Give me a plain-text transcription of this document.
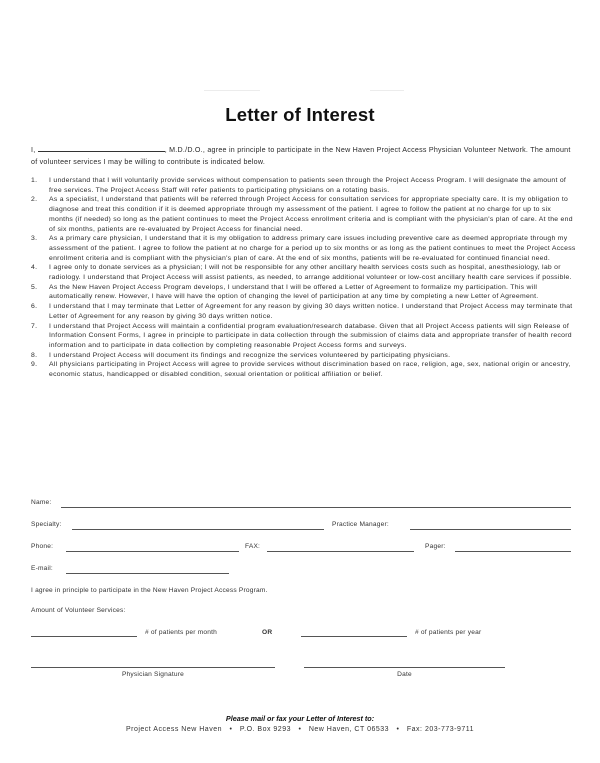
Letter of Interest
I,	, M.D./D.O., agree in principle to participate in the New Haven Project Access Physician Volunteer Network. The amount of volunteer services I may be willing to contribute is indicated below.
1.	I understand that I will voluntarily provide services without compensation to patients seen through the Project Access Program. I will designate the amount of free services. The Project Access Staff will refer patients to participating physicians on a rotating basis.
2.	As a specialist, I understand that patients will be referred through Project Access for consultation services for appropriate specialty care. It is my obligation to diagnose and treat this condition if it is deemed appropriate through my assessment of the patient. I agree to follow the patient at no charge for up to six months (if needed) so long as the patient continues to meet the Project Access enrollment criteria and is compliant with the physician's plan of care. At the end of six months, patients are re-evaluated by Project Access for financial need.
3.	As a primary care physician, I understand that it is my obligation to address primary care issues including preventive care as deemed appropriate through my assessment of the patient. I agree to follow the patient at no charge for a period up to six months or as long as the patient continues to meet the Project Access enrollment criteria and is compliant with the physician's plan of care. At the end of six months, patients will be re-evaluated for continued financial need.
4.	I agree only to donate services as a physician; I will not be responsible for any other ancillary health services costs such as hospital, anesthesiology, lab or radiology. I understand that Project Access will assist patients, as needed, to arrange additional volunteer or low-cost ancillary health care services if possible.
5.	As the New Haven Project Access Program develops, I understand that I will be offered a Letter of Agreement to formalize my participation. This will automatically renew. However, I have will have the option of changing the level of participation at any time by completing a new Letter of Agreement.
6.	I understand that I may terminate that Letter of Agreement for any reason by giving 30 days written notice. I understand that Project Access may terminate that Letter of Agreement for any reason by giving 30 days written notice.
7.	I understand that Project Access will maintain a confidential program evaluation/research database. Given that all Project Access patients will sign Release of Information Consent Forms, I agree in principle to participate in data collection through the submission of claims data and appropriate transfer of health record information and to participate in data collection by completing reasonable Project Access forms and surveys.
8.	I understand Project Access will document its findings and recognize the services volunteered by participating physicians.
9.	All physicians participating in Project Access will agree to provide services without discrimination based on race, religion, age, sex, national origin or ancestry, economic status, handicapped or disabled condition, sexual orientation or political affiliation or belief.
Name:
Specialty:	Practice Manager:
Phone:	FAX:	Pager:
E-mail:
I agree in principle to participate in the New Haven Project Access Program.
Amount of Volunteer Services:
# of patients per month	OR	# of patients per year
Physician Signature	Date
Please mail or fax your Letter of Interest to:
Project Access New Haven • P.O. Box 9293 • New Haven, CT 06533 • Fax: 203-773-9711
